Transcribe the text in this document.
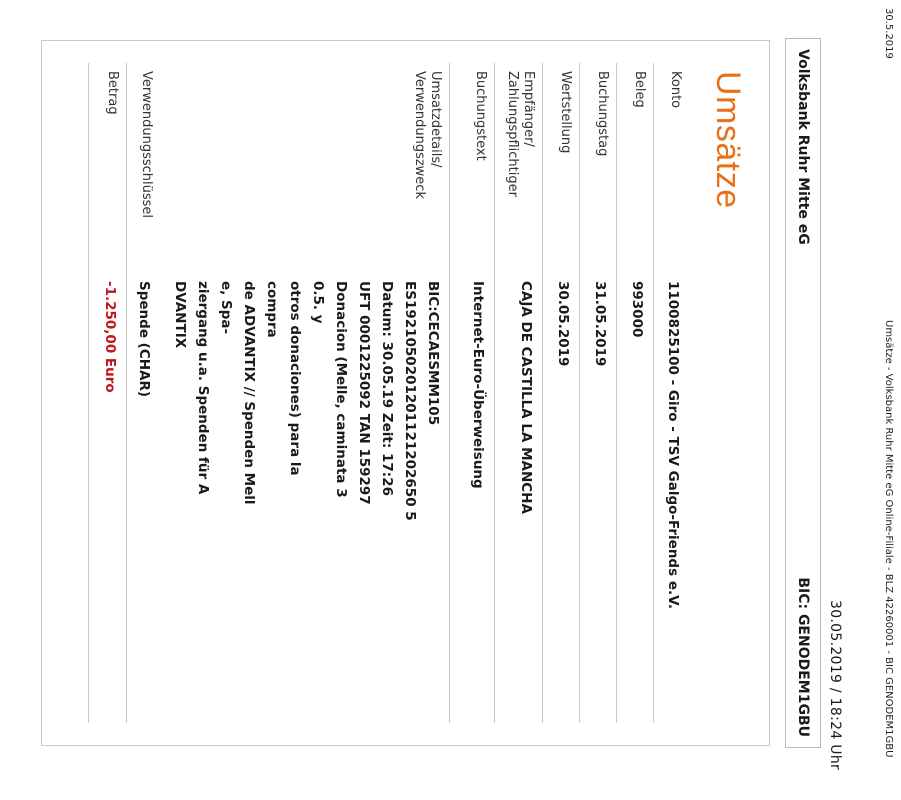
30.5.2019
Umsätze - Volksbank Ruhr Mitte eG Online-Filiale - BLZ 42260001 - BIC GENODEM1GBU
30.05.2019 / 18:24 Uhr
Volksbank Ruhr Mitte eG
BIC: GENODEM1GBU
Umsätze
Konto
1100825100 - Giro - TSV Galgo-Friends e.V.
Beleg
993000
Buchungstag
31.05.2019
Wertstellung
30.05.2019
Empfänger/
Zahlungspflichtiger
CAJA DE CASTILLA LA MANCHA
Buchungstext
Internet-Euro-Überweisung
Umsatzdetails/
Verwendungszweck
BIC:CECAESMM105
ES1921050201201121202650 5
Datum: 30.05.19 Zeit: 17:26
UFT 0001225092 TAN 159297
Donacion (Melle, caminata 3
0.5. y
otros donaciones) para la
compra
de ADVANTIX // Spenden Mell
e, Spa-
ziergang u.a. Spenden für A
DVANTIX
Verwendungsschlüssel
Spende (CHAR)
Betrag
-1.250,00 Euro
